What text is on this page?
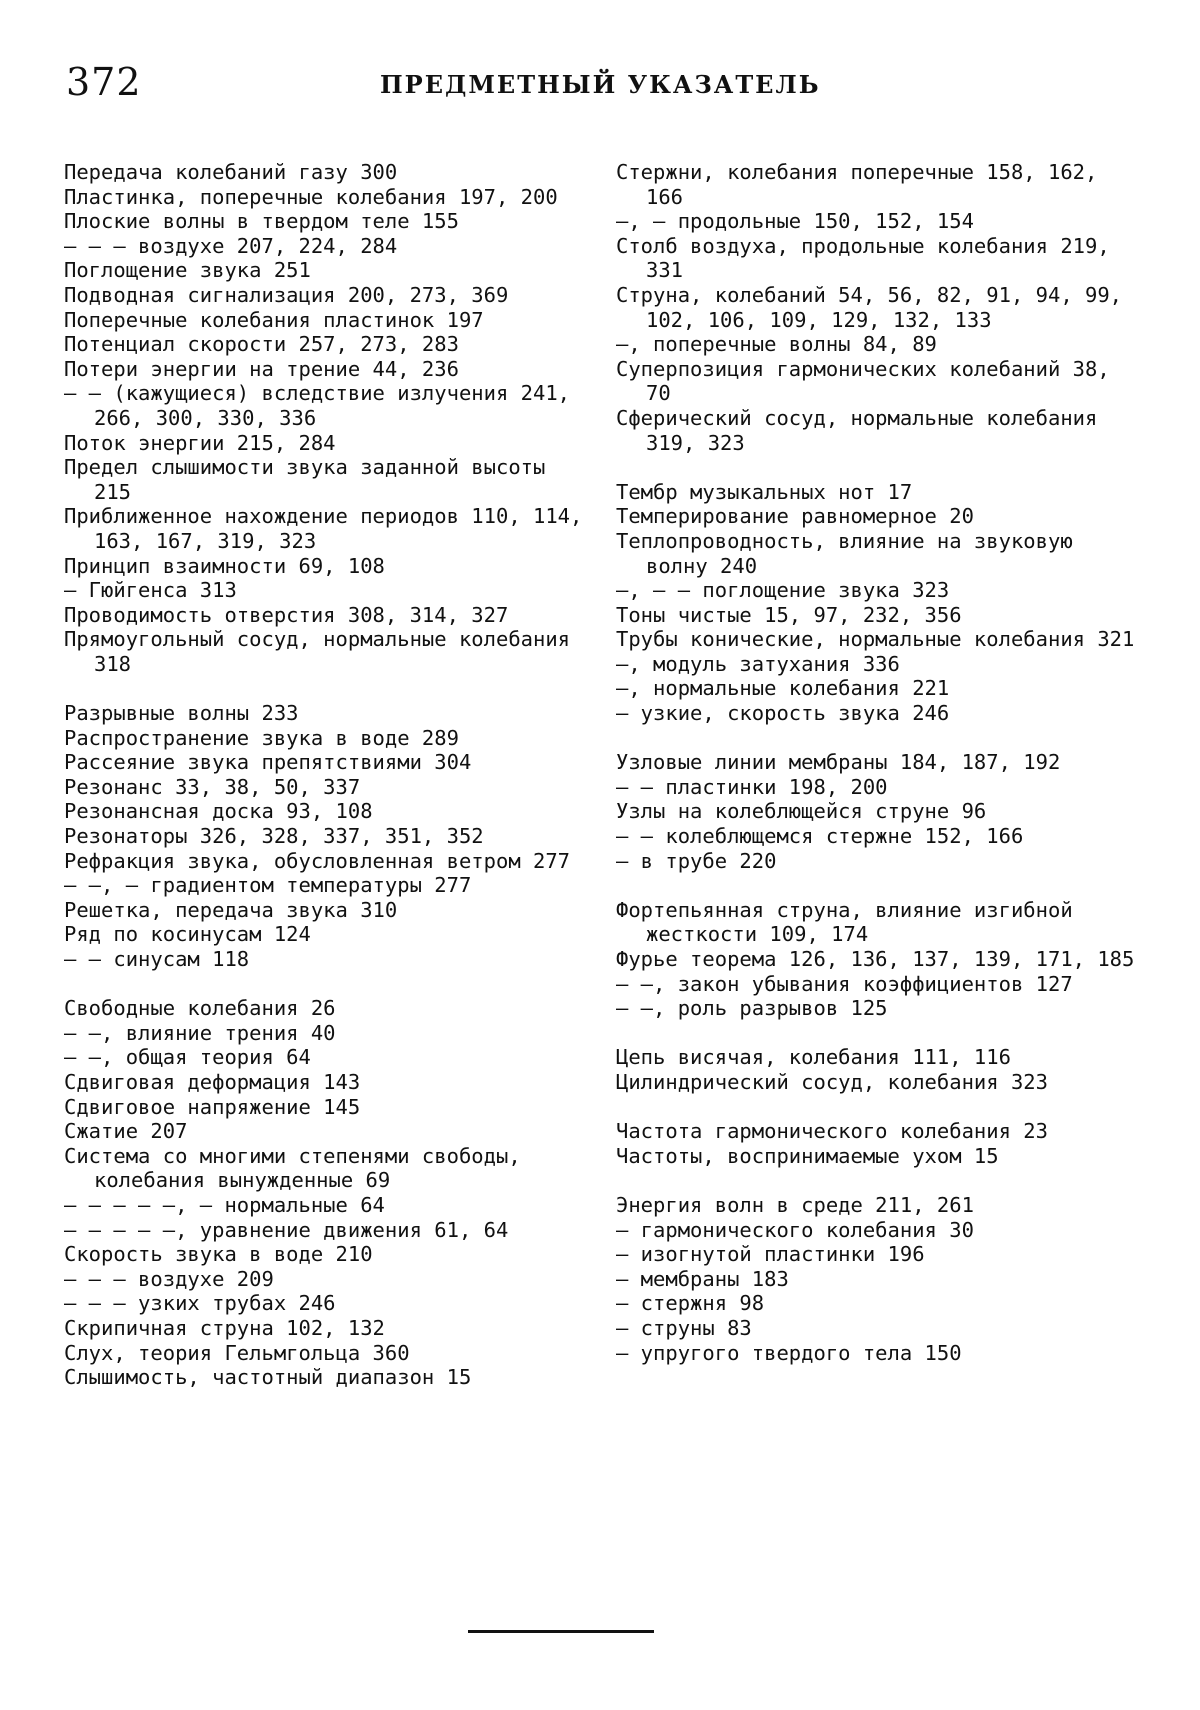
372	ПРЕДМЕТНЫЙ УКАЗАТЕЛЬ

Передача колебаний газу 300

Пластинка, поперечные колебания 197, 200

Плоские волны в твердом теле 155

— — — воздухе 207, 224, 284

Поглощение звука 251

Подводная сигнализация 200, 273, 369

Поперечные колебания пластинок 197

Потенциал скорости 257, 273, 283

Потери энергии на трение 44, 236

— — (кажущиеся) вследствие излучения 241, 266, 300, 330, 336

Поток энергии 215, 284

Предел слышимости звука заданной высоты 215

Приближенное нахождение периодов 110, 114, 163, 167, 319, 323

Принцип взаимности 69, 108

— Гюйгенса 313

Проводимость отверстия 308, 314, 327

Прямоугольный сосуд, нормальные колебания 318

Разрывные волны 233

Распространение звука в воде 289

Рассеяние звука препятствиями 304

Резонанс 33, 38, 50, 337

Резонансная доска 93, 108

Резонаторы 326, 328, 337, 351, 352

Рефракция звука, обусловленная ветром 277

— —, — градиентом температуры 277

Решетка, передача звука 310

Ряд по косинусам 124

— — синусам 118

Свободные колебания 26

— —, влияние трения 40

— —, общая теория 64

Сдвиговая деформация 143

Сдвиговое напряжение 145

Сжатие 207

Система со многими степенями свободы, колебания вынужденные 69

— — — — —, — нормальные 64

— — — — —, уравнение движения 61, 64

Скорость звука в воде 210

— — — воздухе 209

— — — узких трубах 246

Скрипичная струна 102, 132

Слух, теория Гельмгольца 360

Слышимость, частотный диапазон 15

Стержни, колебания поперечные 158, 162, 166

—, — продольные 150, 152, 154

Столб воздуха, продольные колебания 219, 331

Струна, колебаний 54, 56, 82, 91, 94, 99, 102, 106, 109, 129, 132, 133

—, поперечные волны 84, 89

Суперпозиция гармонических колебаний 38, 70

Сферический сосуд, нормальные колебания 319, 323

Тембр музыкальных нот 17

Темперирование равномерное 20

Теплопроводность, влияние на звуковую волну 240

—, — — поглощение звука 323

Тоны чистые 15, 97, 232, 356

Трубы конические, нормальные колебания 321

—, модуль затухания 336

—, нормальные колебания 221

— узкие, скорость звука 246

Узловые линии мембраны 184, 187, 192

— — пластинки 198, 200

Узлы на колеблющейся струне 96

— — колеблющемся стержне 152, 166

— в трубе 220

Фортепьянная струна, влияние изгибной жесткости 109, 174

Фурье теорема 126, 136, 137, 139, 171, 185

— —, закон убывания коэффициентов 127

— —, роль разрывов 125

Цепь висячая, колебания 111, 116

Цилиндрический сосуд, колебания 323

Частота гармонического колебания 23

Частоты, воспринимаемые ухом 15

Энергия волн в среде 211, 261

— гармонического колебания 30

— изогнутой пластинки 196

— мембраны 183

— стержня 98

— струны 83

— упругого твердого тела 150
